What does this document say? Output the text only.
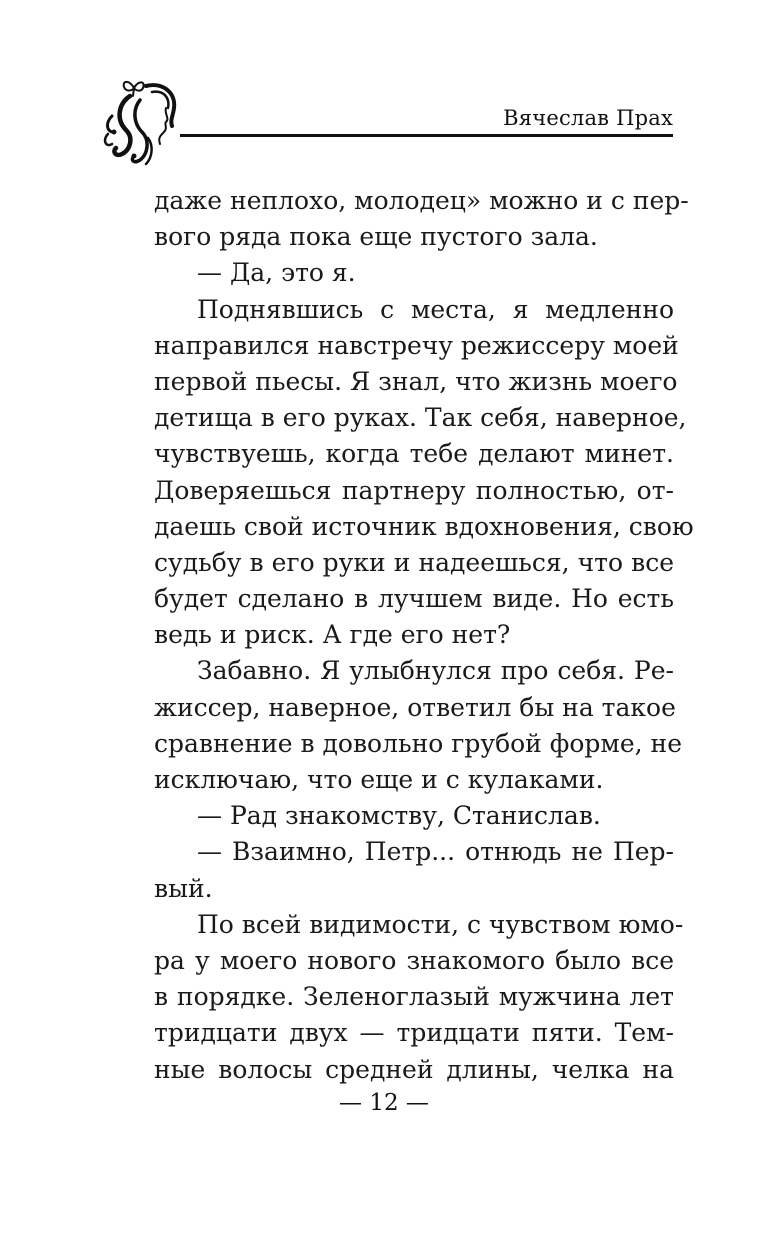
Вячеслав Прах
даже неплохо, молодец» можно и с пер-
вого ряда пока еще пустого зала.
— Да, это я.
Поднявшись с места, я медленно
направился навстречу режиссеру моей
первой пьесы. Я знал, что жизнь моего
детища в его руках. Так себя, наверное,
чувствуешь, когда тебе делают минет.
Доверяешься партнеру полностью, от-
даешь свой источник вдохновения, свою
судьбу в его руки и надеешься, что все
будет сделано в лучшем виде. Но есть
ведь и риск. А где его нет?
Забавно. Я улыбнулся про себя. Ре-
жиссер, наверное, ответил бы на такое
сравнение в довольно грубой форме, не
исключаю, что еще и с кулаками.
— Рад знакомству, Станислав.
— Взаимно, Петр... отнюдь не Пер-
вый.
По всей видимости, с чувством юмо-
ра у моего нового знакомого было все
в порядке. Зеленоглазый мужчина лет
тридцати двух — тридцати пяти. Тем-
ные волосы средней длины, челка на
— 12 —
